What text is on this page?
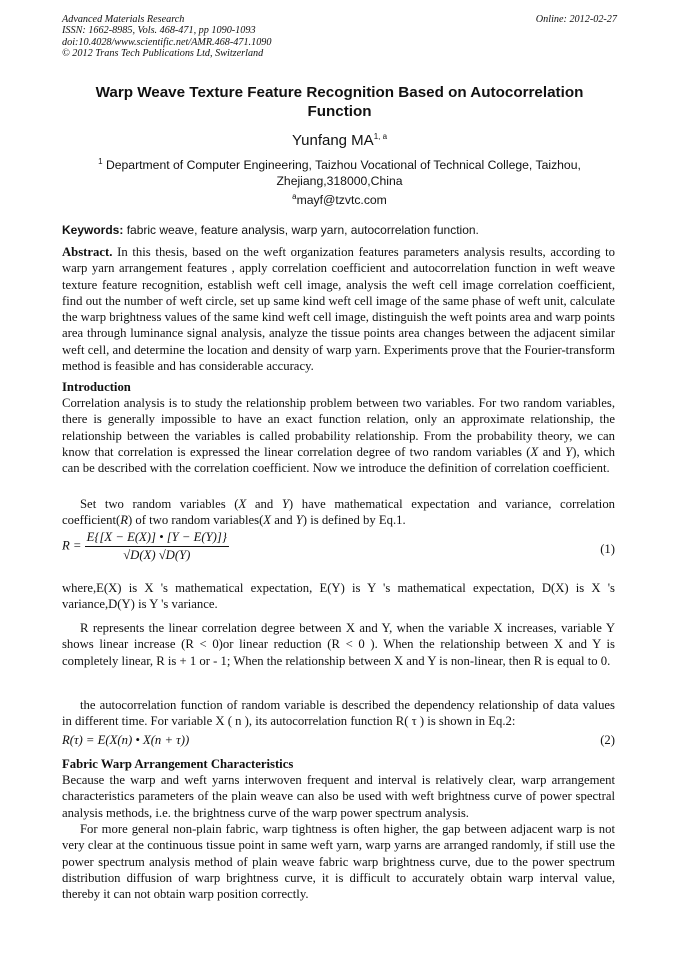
Advanced Materials Research
ISSN: 1662-8985, Vols. 468-471, pp 1090-1093
doi:10.4028/www.scientific.net/AMR.468-471.1090
© 2012 Trans Tech Publications Ltd, Switzerland
Online: 2012-02-27
Warp Weave Texture Feature Recognition Based on Autocorrelation
Function
Yunfang MA$^{1, a}$
$^1$ Department of Computer Engineering, Taizhou Vocational of Technical College, Taizhou,
Zhejiang,318000,China
$^a$mayf@tzvtc.com
Keywords: fabric weave, feature analysis, warp yarn, autocorrelation function.
Abstract. In this thesis, based on the weft organization features parameters analysis results, according to warp yarn arrangement features , apply correlation coefficient and autocorrelation function in weft weave texture feature recognition, establish weft cell image, analysis the weft cell image correlation coefficient, find out the number of weft circle, set up same kind weft cell image of the same phase of weft unit, calculate the warp brightness values of the same kind weft cell image, distinguish the weft points area and warp points area through luminance signal analysis, analyze the tissue points area changes between the adjacent similar weft cell, and determine the location and density of warp yarn. Experiments prove that the Fourier-transform method is feasible and has considerable accuracy.
Introduction
Correlation analysis is to study the relationship problem between two variables. For two random variables, there is generally impossible to have an exact function relation, only an approximate relationship, the relationship between the variables is called probability relationship. From the probability theory, we can know that correlation is expressed the linear correlation degree of two random variables (X and Y), which can be described with the correlation coefficient. Now we introduce the definition of correlation coefficient.
Set two random variables (X and Y) have mathematical expectation and variance, correlation coefficient(R) of two random variables(X and Y) is defined by Eq.1.
$R = \frac{E\{[X - E(X)] • [Y - E(Y)]\}}{√D(X) √D(Y)}$	(1)
where,E(X) is X 's mathematical expectation, E(Y) is Y 's mathematical expectation, D(X) is X 's variance,D(Y) is Y 's variance.
R represents the linear correlation degree between X and Y, when the variable X increases, variable Y shows linear increase (R < 0)or linear reduction (R < 0 ). When the relationship between X and Y is completely linear, R is + 1 or - 1; When the relationship between X and Y is non-linear, then R is equal to 0.
the autocorrelation function of random variable is described the dependency relationship of data values in different time. For variable X ( n ), its autocorrelation function R( τ ) is shown in Eq.2:
R(τ) = E(X(n) • X(n + τ))	(2)
Fabric Warp Arrangement Characteristics
Because the warp and weft yarns interwoven frequent and interval is relatively clear, warp arrangement characteristics parameters of the plain weave can also be used with weft brightness curve of power spectral analysis methods, i.e. the brightness curve of the warp power spectrum analysis.
For more general non-plain fabric, warp tightness is often higher, the gap between adjacent warp is not very clear at the continuous tissue point in same weft yarn, warp yarns are arranged randomly, if still use the power spectrum analysis method of plain weave fabric warp brightness curve, due to the power spectrum distribution diffusion of warp brightness curve, it is difficult to accurately obtain warp interval value, thereby it can not obtain warp position correctly.
